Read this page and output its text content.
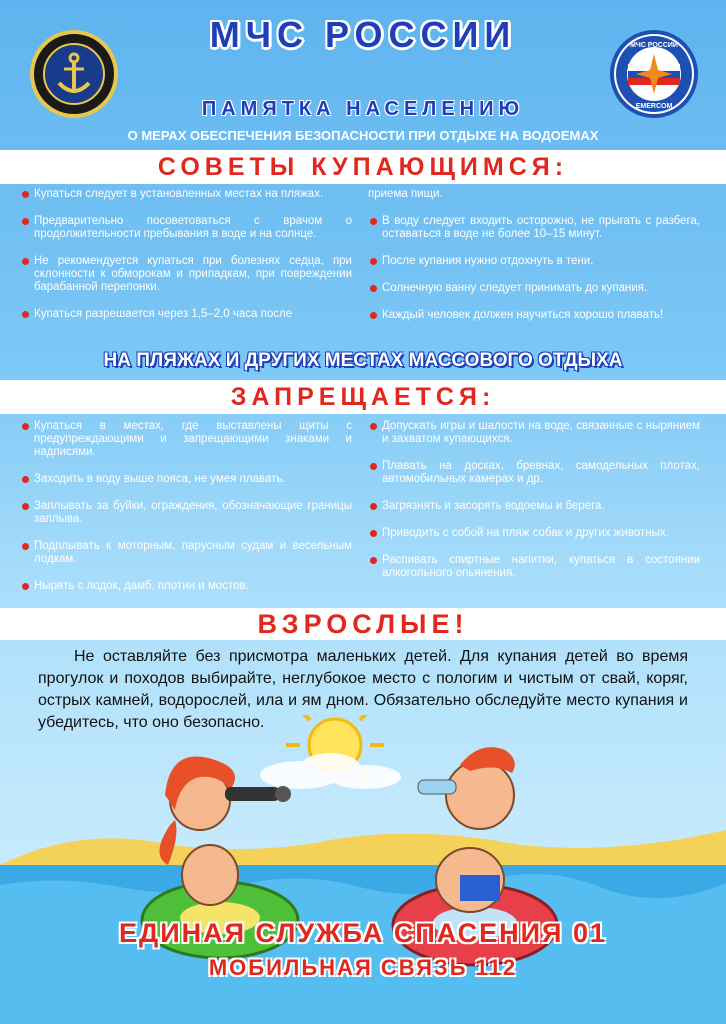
МЧС РОССИИ
EMERCOM
МЧС РОССИИ
ПАМЯТКА НАСЕЛЕНИЮ
О МЕРАХ ОБЕСПЕЧЕНИЯ БЕЗОПАСНОСТИ ПРИ ОТДЫХЕ НА ВОДОЕМАХ
СОВЕТЫ КУПАЮЩИМСЯ:
Купаться следует в установленных местах на пляжах.
Предварительно посоветоваться с врачом о продолжительности пребывания в воде и на солнце.
Не рекомендуется купаться при болезнях седца, при склонности к обморокам и припадкам, при повреждении барабанной перепонки.
Купаться разрешается через 1,5–2,0 часа после
приема пищи.
В воду следует входить осторожно, не прыгать с разбега, оставаться в воде не более 10–15 минут.
После купания нужно отдохнуть в тени.
Солнечную ванну следует принимать до купания.
Каждый человек должен научиться хорошо плавать!
НА ПЛЯЖАХ И ДРУГИХ МЕСТАХ МАССОВОГО ОТДЫХА
ЗАПРЕЩАЕТСЯ:
Купаться в местах, где выставлены щиты с предупреждающими и запрещающими знаками и надписями.
Заходить в воду выше пояса, не умея плавать.
Заплывать за буйки, ограждения, обозначающие границы заплыва.
Подплывать к моторным, парусным судам и весельным лодкам.
Нырять с лодок, дамб, плотин и мостов.
Допускать игры и шалости на воде, связанные с нырянием и захватом купающихся.
Плавать на досках, бревнах, самодельных плотах, автомобильных камерах и др.
Загрязнять и засорять водоемы и берега.
Приводить с собой на пляж собак и других животных.
Распивать спиртные напитки, купаться в состоянии алкогольного опьянения.
ВЗРОСЛЫЕ!
Не оставляйте без присмотра маленьких детей. Для купания детей во время прогулок и походов выбирайте, неглубокое место с пологим и чистым от свай, коряг, острых камней, водорослей, ила и ям дном. Обязательно обследуйте место купания и убедитесь, что оно безопасно.
ЕДИНАЯ СЛУЖБА СПАСЕНИЯ 01
МОБИЛЬНАЯ СВЯЗЬ 112
